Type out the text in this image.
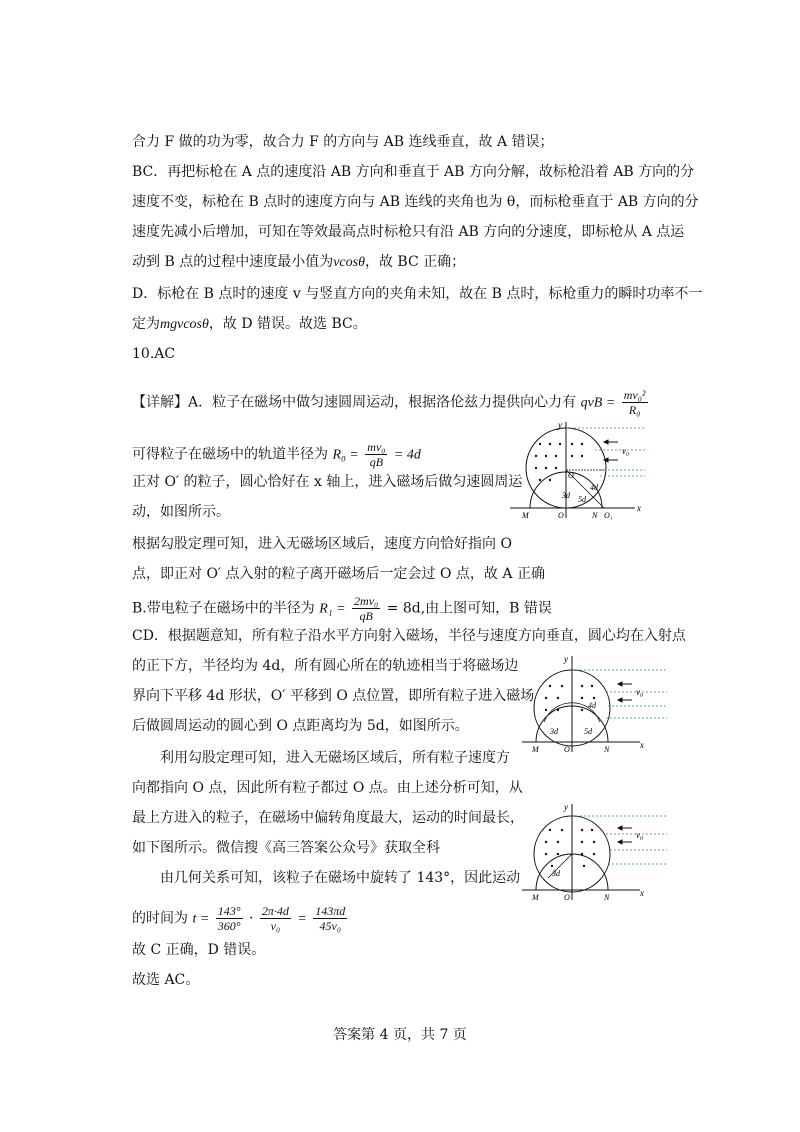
合力 F 做的功为零，故合力 F 的方向与 AB 连线垂直，故 A 错误；
BC．再把标枪在 A 点的速度沿 AB 方向和垂直于 AB 方向分解，故标枪沿着 AB 方向的分
速度不变，标枪在 B 点时的速度方向与 AB 连线的夹角也为 θ，而标枪垂直于 AB 方向的分
速度先减小后增加，可知在等效最高点时标枪只有沿 AB 方向的分速度，即标枪从 A 点运
动到 B 点的过程中速度最小值为vcosθ，故 BC 正确；
D．标枪在 B 点时的速度 v 与竖直方向的夹角未知，故在 B 点时，标枪重力的瞬时功率不一
定为mgvcosθ，故 D 错误。故选 BC。
10.AC
【详解】A．粒子在磁场中做匀速圆周运动，根据洛伦兹力提供向心力有 qvB = $\frac{\text{mv₀²}}{\text{R₀}}$
可得粒子在磁场中的轨道半径为 $R_0 = \frac{\text{mv₀}}{qB} = 4d$
正对 O′ 的粒子，圆心恰好在 x 轴上，进入磁场后做匀速圆周运
动，如图所示。
根据勾股定理可知，进入无磁场区域后，速度方向恰好指向 O
点，即正对 O′ 点入射的粒子离开磁场后一定会过 O 点，故 A 正确
B.带电粒子在磁场中的半径为 $R_1 = \frac{\text{2mv₀}}{qB} = 8d$,由上图可知，B 错误
CD．根据题意知，所有粒子沿水平方向射入磁场，半径与速度方向垂直，圆心均在入射点
的正下方，半径均为 4d，所有圆心所在的轨迹相当于将磁场边
界向下平移 4d 形状，O′ 平移到 O 点位置，即所有粒子进入磁场
后做圆周运动的圆心到 O 点距离均为 5d，如图所示。
利用勾股定理可知，进入无磁场区域后，所有粒子速度方
向都指向 O 点，因此所有粒子都过 O 点。由上述分析可知，从
最上方进入的粒子，在磁场中偏转角度最大，运动的时间最长，
如下图所示。微信搜《高三答案公众号》获取全科
由几何关系可知，该粒子在磁场中旋转了 143°，因此运动
的时间为 $t = \frac{143^\circ}{360^\circ} \cdot \frac{2\pi\cdot 4d}{\text{v₀}} = \frac{143\pi d}{\text{45v₀}}$
故 C 正确，D 错误。
故选 AC。
y
x
v₀
O′
3d
4d
5d
M	O	N O₁
y
x
v₀
4d
3d	5d
M	O	N
y
x
v₀
3d
M	O	N
答案第 4 页，共 7 页
